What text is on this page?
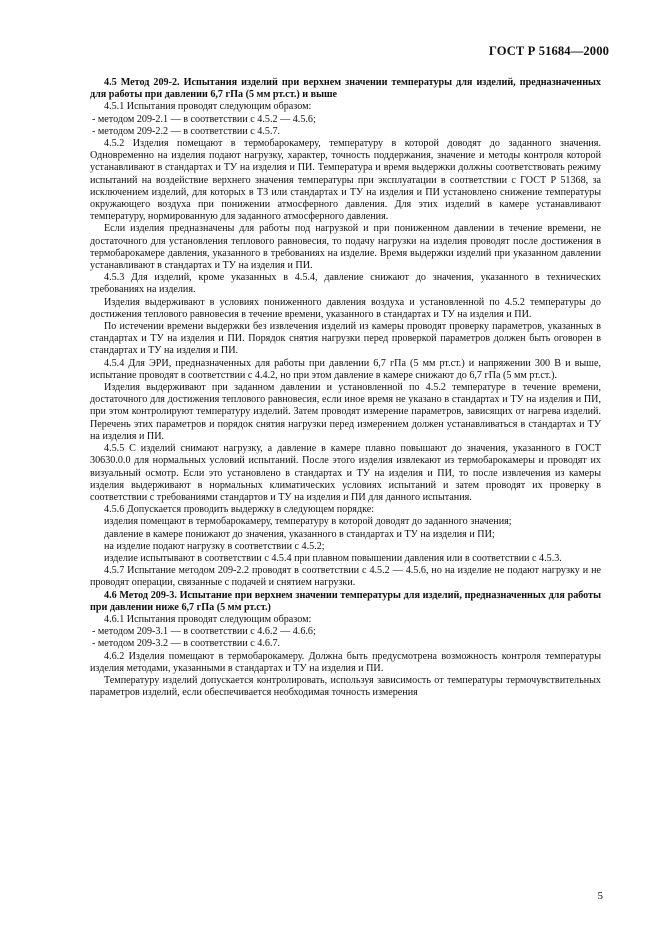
ГОСТ Р 51684—2000

4.5 Метод 209-2. Испытания изделий при верхнем значении температуры для изделий, предназначенных для работы при давлении 6,7 гПа (5 мм рт.ст.) и выше

4.5.1 Испытания проводят следующим образом:

- методом 209-2.1 — в соответствии с 4.5.2 — 4.5.6;

- методом 209-2.2 — в соответствии с 4.5.7.

4.5.2 Изделия помещают в термобарокамеру, температуру в которой доводят до заданного значения. Одновременно на изделия подают нагрузку, характер, точность поддержания, значение и методы контроля которой устанавливают в стандартах и ТУ на изделия и ПИ. Температура и время выдержки должны соответствовать режиму испытаний на воздействие верхнего значения температуры при эксплуатации в соответствии с ГОСТ Р 51368, за исключением изделий, для которых в ТЗ или стандартах и ТУ на изделия и ПИ установлено снижение температуры окружающего воздуха при понижении атмосферного давления. Для этих изделий в камере устанавливают температуру, нормированную для заданного атмосферного давления.

Если изделия предназначены для работы под нагрузкой и при пониженном давлении в течение времени, не достаточного для установления теплового равновесия, то подачу нагрузки на изделия проводят после достижения в термобарокамере давления, указанного в требованиях на изделие. Время выдержки изделий при указанном давлении устанавливают в стандартах и ТУ на изделия и ПИ.

4.5.3 Для изделий, кроме указанных в 4.5.4, давление снижают до значения, указанного в технических требованиях на изделия.

Изделия выдерживают в условиях пониженного давления воздуха и установленной по 4.5.2 температуры до достижения теплового равновесия в течение времени, указанного в стандартах и ТУ на изделия и ПИ.

По истечении времени выдержки без извлечения изделий из камеры проводят проверку параметров, указанных в стандартах и ТУ на изделия и ПИ. Порядок снятия нагрузки перед проверкой параметров должен быть оговорен в стандартах и ТУ на изделия и ПИ.

4.5.4 Для ЭРИ, предназначенных для работы при давлении 6,7 гПа (5 мм рт.ст.) и напряжении 300 В и выше, испытание проводят в соответствии с 4.4.2, но при этом давление в камере снижают до 6,7 гПа (5 мм рт.ст.).

Изделия выдерживают при заданном давлении и установленной по 4.5.2 температуре в течение времени, достаточного для достижения теплового равновесия, если иное время не указано в стандартах и ТУ на изделия и ПИ, при этом контролируют температуру изделий. Затем проводят измерение параметров, зависящих от нагрева изделий. Перечень этих параметров и порядок снятия нагрузки перед измерением должен устанавливаться в стандартах и ТУ на изделия и ПИ.

4.5.5 С изделий снимают нагрузку, а давление в камере плавно повышают до значения, указанного в ГОСТ 30630.0.0 для нормальных условий испытаний. После этого изделия извлекают из термобарокамеры и проводят их визуальный осмотр. Если это установлено в стандартах и ТУ на изделия и ПИ, то после извлечения из камеры изделия выдерживают в нормальных климатических условиях испытаний и затем проводят их проверку в соответствии с требованиями стандартов и ТУ на изделия и ПИ для данного испытания.

4.5.6 Допускается проводить выдержку в следующем порядке:

изделия помещают в термобарокамеру, температуру в которой доводят до заданного значения;

давление в камере понижают до значения, указанного в стандартах и ТУ на изделия и ПИ;

на изделие подают нагрузку в соответствии с 4.5.2;

изделие испытывают в соответствии с 4.5.4 при плавном повышении давления или в соответствии с 4.5.3.

4.5.7 Испытание методом 209-2.2 проводят в соответствии с 4.5.2 — 4.5.6, но на изделие не подают нагрузку и не проводят операции, связанные с подачей и снятием нагрузки.

4.6 Метод 209-3. Испытание при верхнем значении температуры для изделий, предназначенных для работы при давлении ниже 6,7 гПа (5 мм рт.ст.)

4.6.1 Испытания проводят следующим образом:

- методом 209-3.1 — в соответствии с 4.6.2 — 4.6.6;

- методом 209-3.2 — в соответствии с 4.6.7.

4.6.2 Изделия помещают в термобарокамеру. Должна быть предусмотрена возможность контроля температуры изделия методами, указанными в стандартах и ТУ на изделия и ПИ.

Температуру изделий допускается контролировать, используя зависимость от температуры термочувствительных параметров изделий, если обеспечивается необходимая точность измерения

5
